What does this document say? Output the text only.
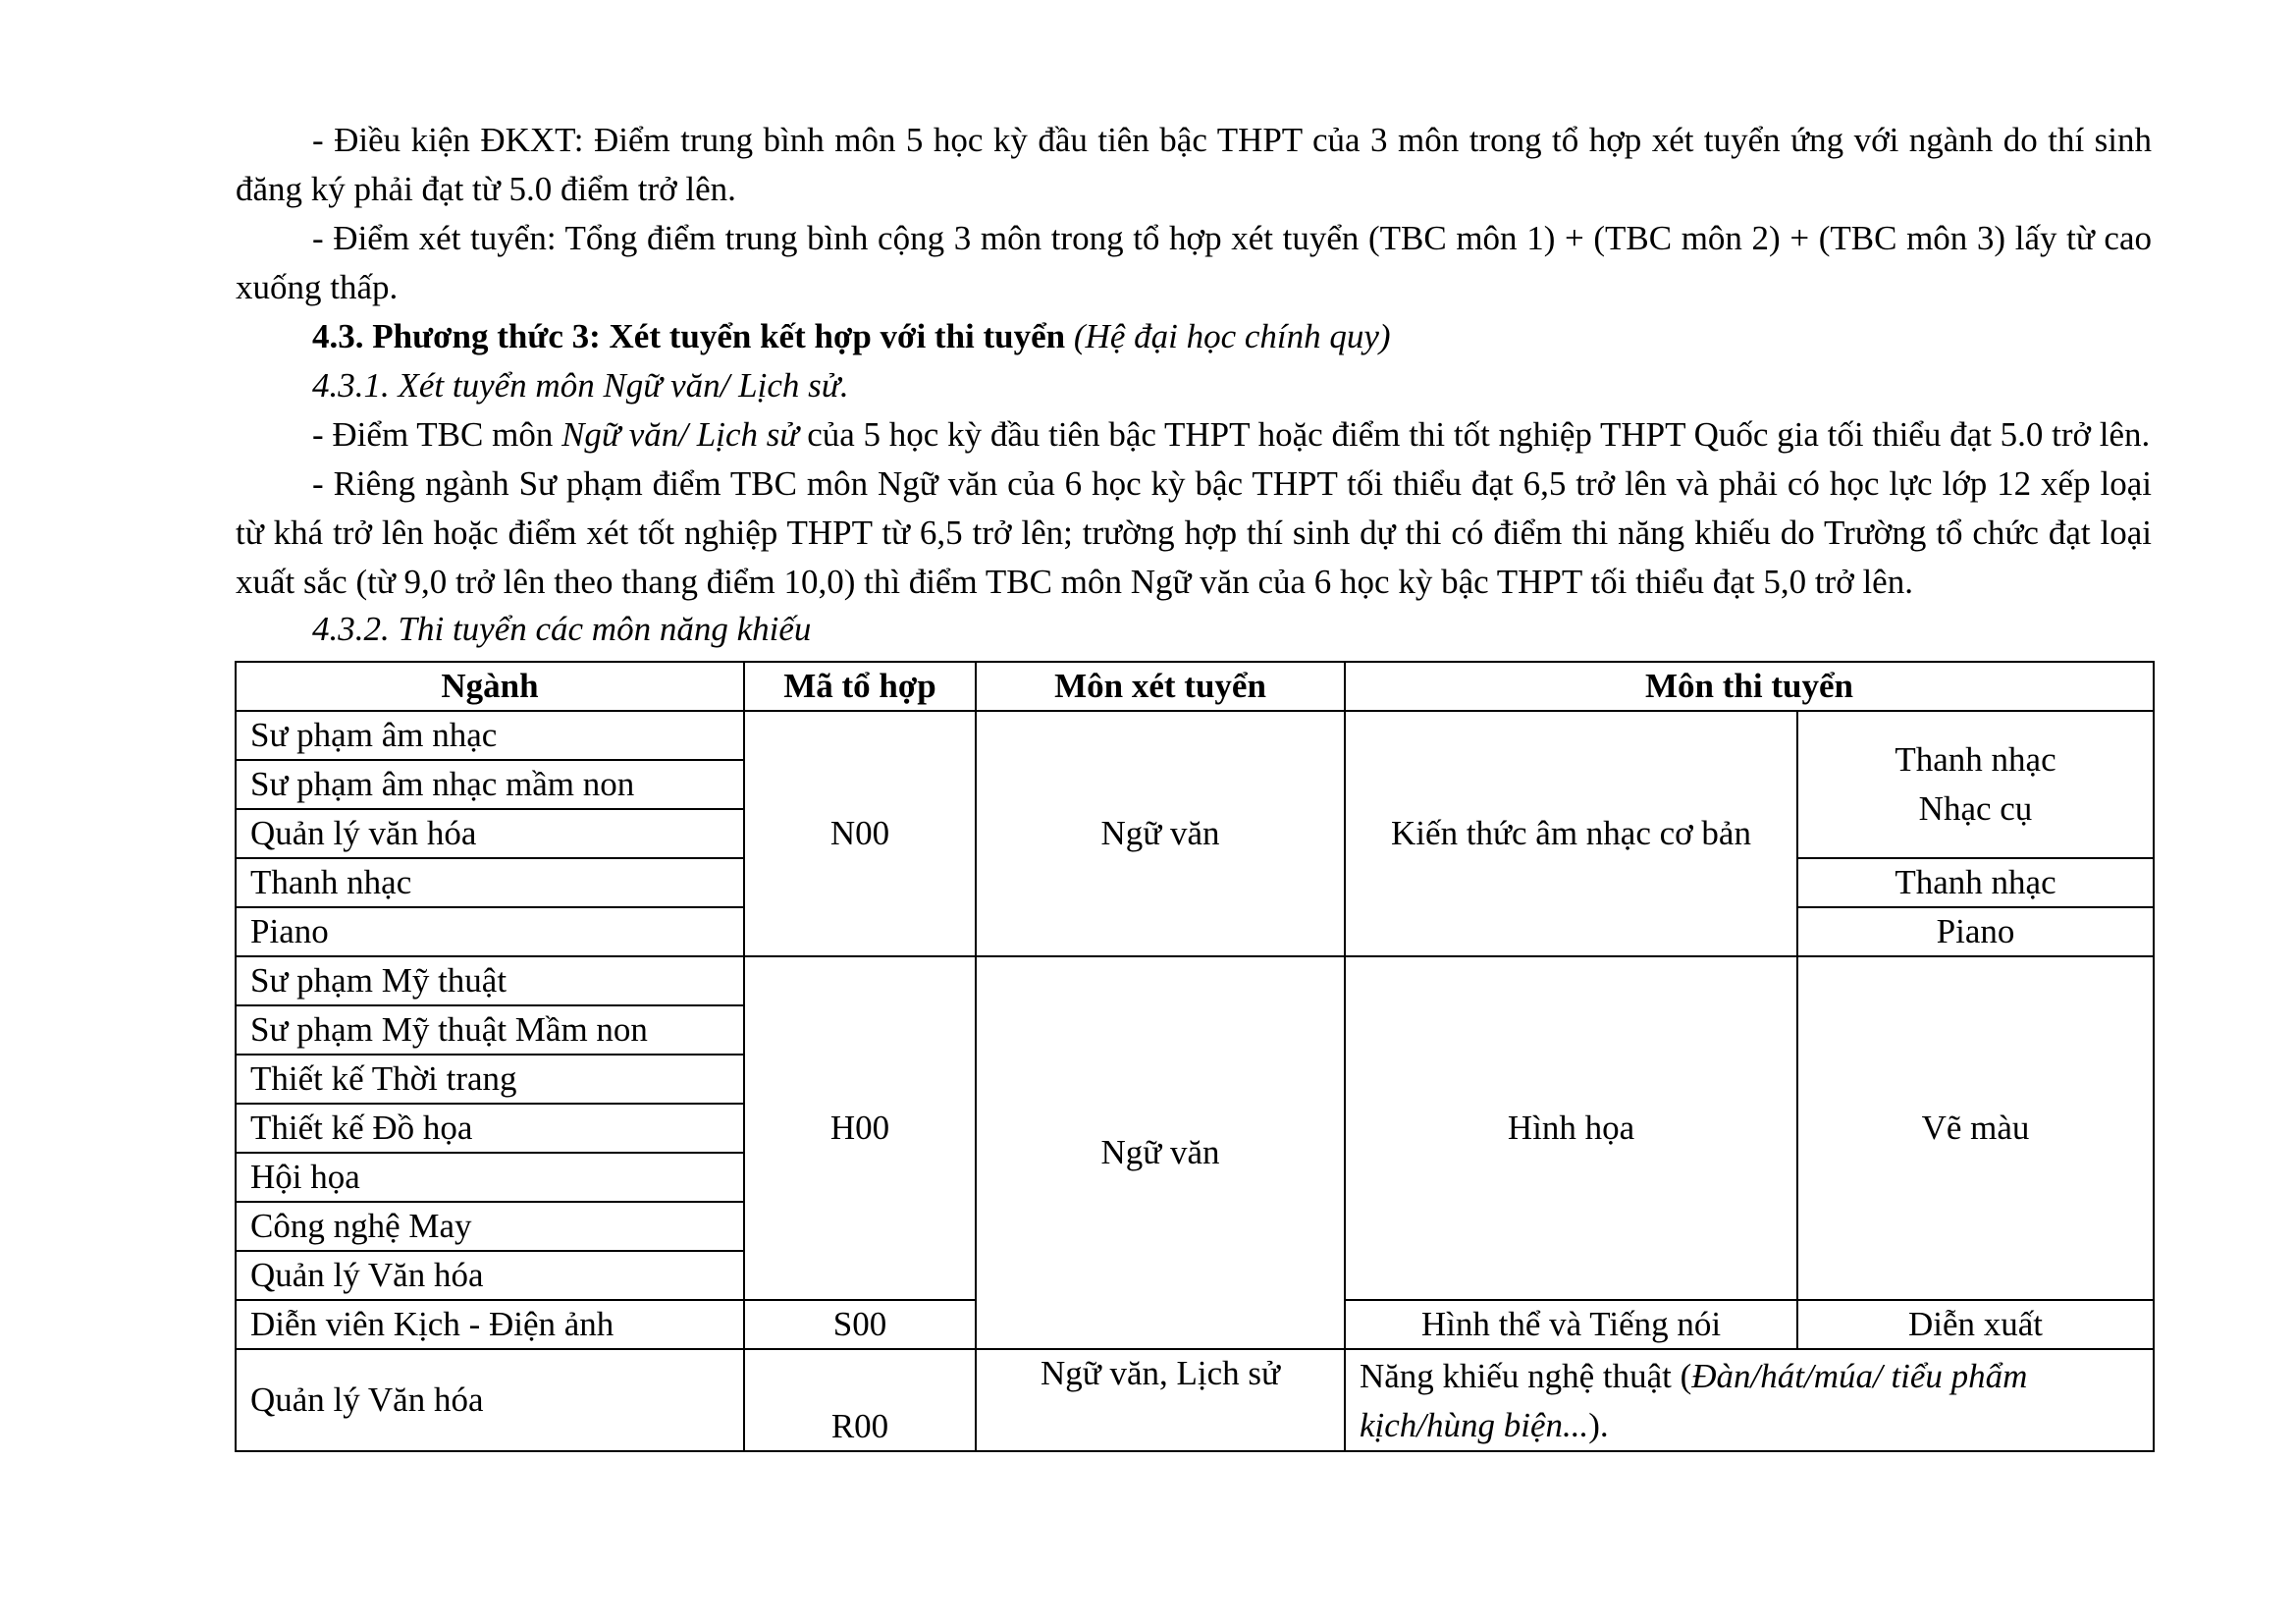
- Điều kiện ĐKXT: Điểm trung bình môn 5 học kỳ đầu tiên bậc THPT của 3 môn trong tổ hợp xét tuyển ứng với ngành do thí sinh đăng ký phải đạt từ 5.0 điểm trở lên.

- Điểm xét tuyển: Tổng điểm trung bình cộng 3 môn trong tổ hợp xét tuyển (TBC môn 1) + (TBC môn 2) + (TBC môn 3) lấy từ cao xuống thấp.

4.3. Phương thức 3: Xét tuyển kết hợp với thi tuyển (Hệ đại học chính quy)

4.3.1. Xét tuyển môn Ngữ văn/ Lịch sử.

- Điểm TBC môn Ngữ văn/ Lịch sử của 5 học kỳ đầu tiên bậc THPT hoặc điểm thi tốt nghiệp THPT Quốc gia tối thiểu đạt 5.0 trở lên.

- Riêng ngành Sư phạm điểm TBC môn Ngữ văn của 6 học kỳ bậc THPT tối thiểu đạt 6,5 trở lên và phải có học lực lớp 12 xếp loại từ khá trở lên hoặc điểm xét tốt nghiệp THPT từ 6,5 trở lên; trường hợp thí sinh dự thi có điểm thi năng khiếu do Trường tổ chức đạt loại xuất sắc (từ 9,0 trở lên theo thang điểm 10,0) thì điểm TBC môn Ngữ văn của 6 học kỳ bậc THPT tối thiểu đạt 5,0 trở lên.

4.3.2. Thi tuyển các môn năng khiếu

Ngành	Mã tổ hợp	Môn xét tuyển	Môn thi tuyển	
Sư phạm âm nhạc	N00	Ngữ văn	Kiến thức âm nhạc cơ bản	Thanh nhạc
Nhạc cụ

Sư phạm âm nhạc mầm non				
Quản lý văn hóa				
Thanh nhạc				Thanh nhạc
Piano				Piano
Sư phạm Mỹ thuật	H00	Ngữ văn	Hình họa	Vẽ màu
Sư phạm Mỹ thuật Mầm non				
Thiết kế Thời trang				
Thiết kế Đồ họa				
Hội họa				
Công nghệ May				
Quản lý Văn hóa				
Diễn viên Kịch - Điện ảnh	S00		Hình thể và Tiếng nói	Diễn xuất
Quản lý Văn hóa	R00	Ngữ văn, Lịch sử	Năng khiếu nghệ thuật (Đàn/hát/múa/ tiểu phẩm kịch/hùng biện...).	
